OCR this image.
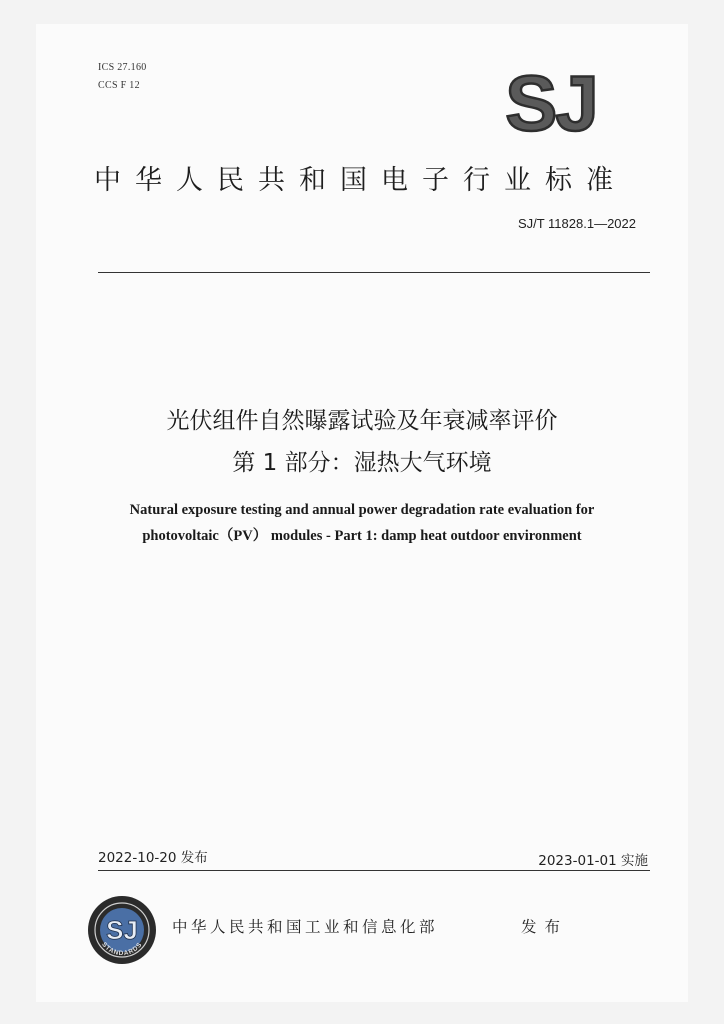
ICS 27.160
CCS F 12	SJ
中华人民共和国电子行业标准
SJ/T 11828.1—2022
光伏组件自然曝露试验及年衰减率评价
第 1 部分：湿热大气环境
Natural exposure testing and annual power degradation rate evaluation for
photovoltaic（PV） modules - Part 1: damp heat outdoor environment
2022-10-20 发布	2023-01-01 实施
SJ
STANDARDS
中华人民共和国工业和信息化部	发布
